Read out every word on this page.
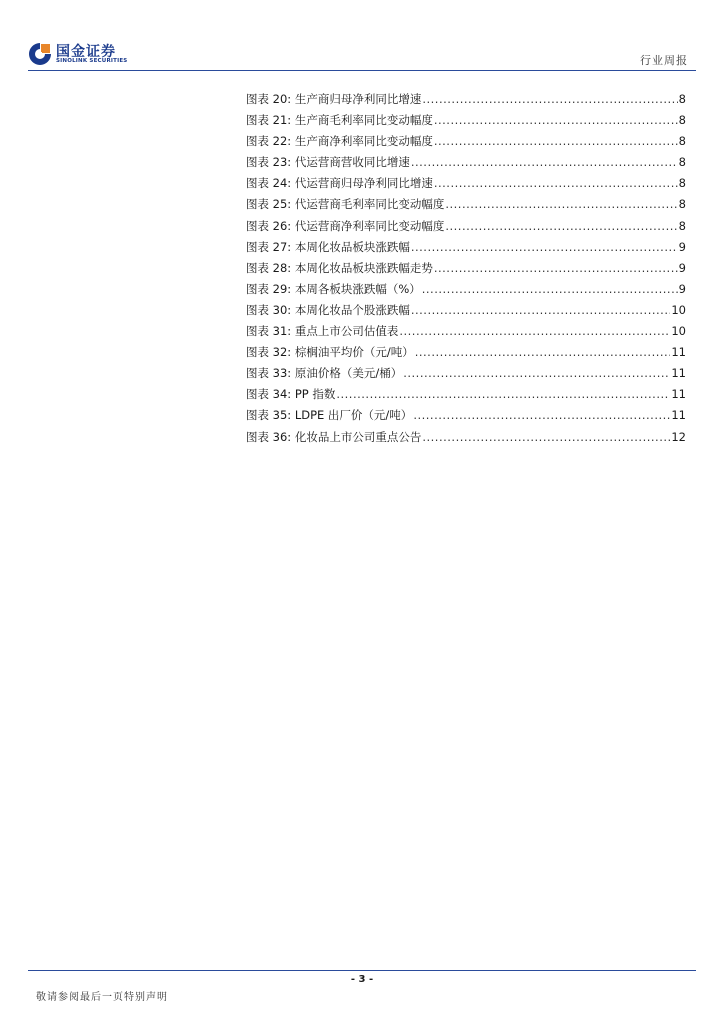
国金证券
SINOLINK SECURITIES	行业周报
图表 20: 生产商归母净利同比增速 .....	8
图表 21: 生产商毛利率同比变动幅度 .....	8
图表 22: 生产商净利率同比变动幅度 .....	8
图表 23: 代运营商营收同比增速 .....	8
图表 24: 代运营商归母净利同比增速 .....	8
图表 25: 代运营商毛利率同比变动幅度 .....	8
图表 26: 代运营商净利率同比变动幅度 .....	8
图表 27: 本周化妆品板块涨跌幅 .....	9
图表 28: 本周化妆品板块涨跌幅走势 .....	9
图表 29: 本周各板块涨跌幅（%） .....	9
图表 30: 本周化妆品个股涨跌幅 .....	10
图表 31: 重点上市公司估值表 .....	10
图表 32: 棕榈油平均价（元/吨） .....	11
图表 33: 原油价格（美元/桶） .....	11
图表 34: PP 指数 .....	11
图表 35: LDPE 出厂价（元/吨） .....	11
图表 36: 化妆品上市公司重点公告 .....	12
- 3 -
敬请参阅最后一页特别声明
